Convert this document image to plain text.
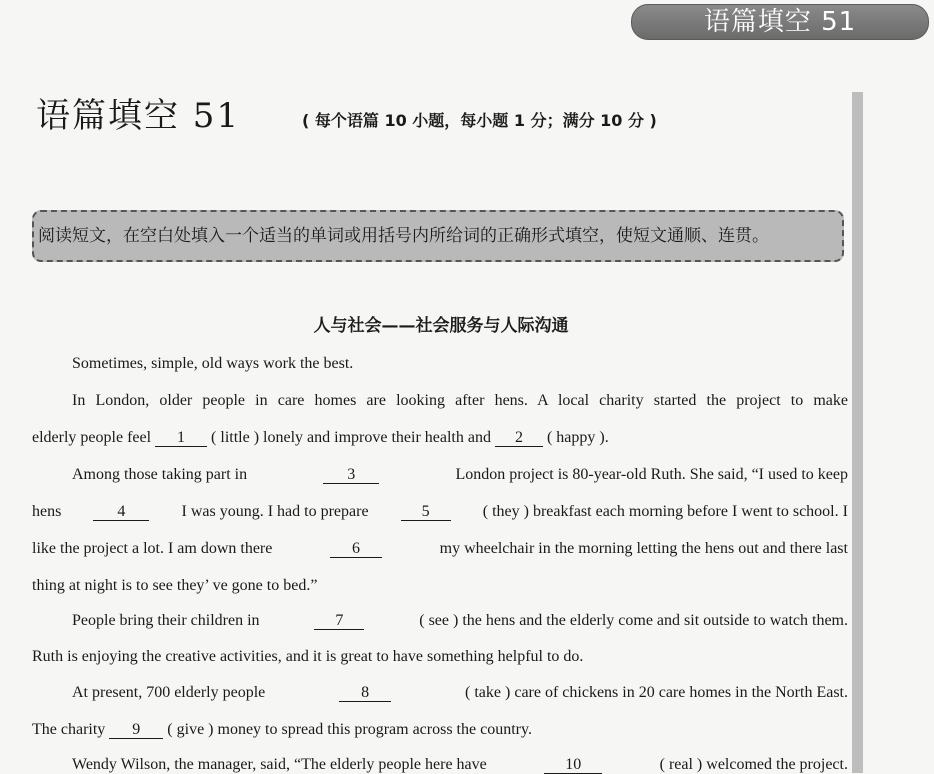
语篇填空 51
语篇填空 51	( 每个语篇 10 小题，每小题 1 分；满分 10 分 )
阅读短文，在空白处填入一个适当的单词或用括号内所给词的正确形式填空，使短文通顺、连贯。
人与社会——社会服务与人际沟通
Sometimes, simple, old ways work the best.
In London, older people in care homes are looking after hens. A local charity started the project to make
elderly people feel 1 ( little ) lonely and improve their health and 2 ( happy ).
Among those taking part in	3	London project is 80-year-old Ruth. She said, “I used to keep
hens	4	I was young. I had to prepare	5	( they ) breakfast each morning before I went to school. I
like the project a lot. I am down there	6	my wheelchair in the morning letting the hens out and there last
thing at night is to see they’ ve gone to bed.”
People bring their children in	7	( see ) the hens and the elderly come and sit outside to watch them.
Ruth is enjoying the creative activities, and it is great to have something helpful to do.
At present, 700 elderly people	8	( take ) care of chickens in 20 care homes in the North East.
The charity 9 ( give ) money to spread this program across the country.
Wendy Wilson, the manager, said, “The elderly people here have	10	( real ) welcomed the project.
